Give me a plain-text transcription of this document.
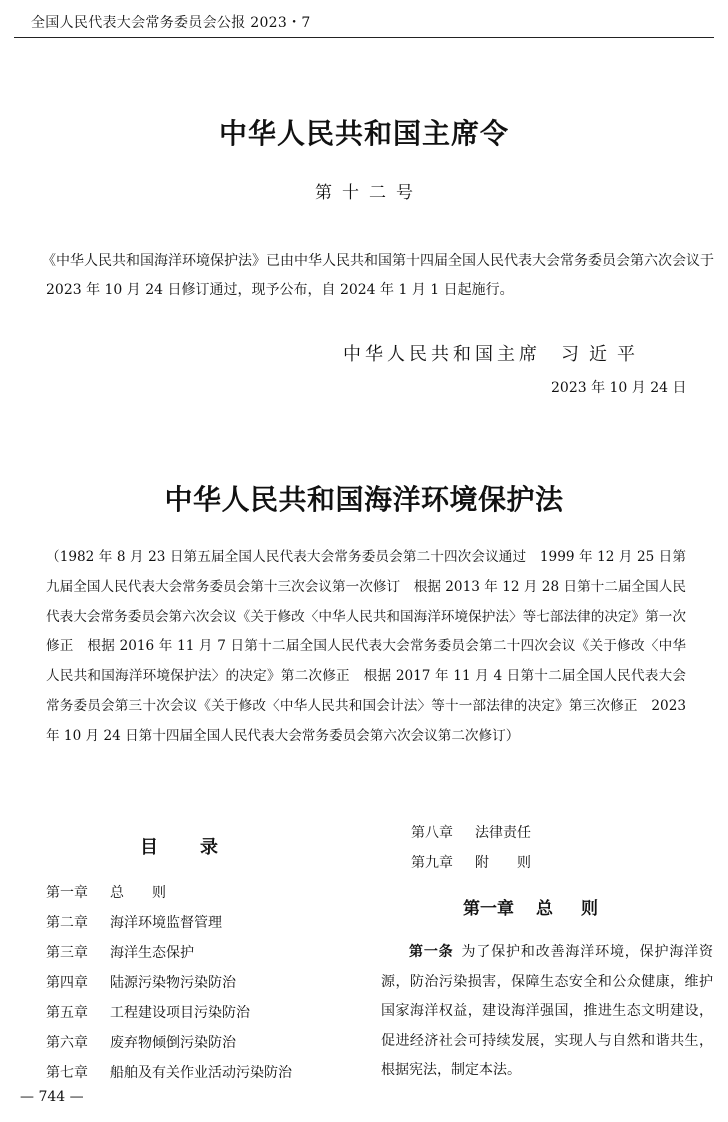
全国人民代表大会常务委员会公报 2023・7
中华人民共和国主席令
第十二号
《中华人民共和国海洋环境保护法》已由中华人民共和国第十四届全国人民代表大会常务委员会第六次会议于 2023 年 10 月 24 日修订通过，现予公布，自 2024 年 1 月 1 日起施行。
中华人民共和国主席 习近平
2023 年 10 月 24 日
中华人民共和国海洋环境保护法
（1982 年 8 月 23 日第五届全国人民代表大会常务委员会第二十四次会议通过　1999 年 12 月 25 日第九届全国人民代表大会常务委员会第十三次会议第一次修订　根据 2013 年 12 月 28 日第十二届全国人民代表大会常务委员会第六次会议《关于修改〈中华人民共和国海洋环境保护法〉等七部法律的决定》第一次修正　根据 2016 年 11 月 7 日第十二届全国人民代表大会常务委员会第二十四次会议《关于修改〈中华人民共和国海洋环境保护法〉的决定》第二次修正　根据 2017 年 11 月 4 日第十二届全国人民代表大会常务委员会第三十次会议《关于修改〈中华人民共和国会计法〉等十一部法律的决定》第三次修正　2023 年 10 月 24 日第十四届全国人民代表大会常务委员会第六次会议第二次修订）
目录
第一章 总　　则
第二章 海洋环境监督管理
第三章 海洋生态保护
第四章 陆源污染物污染防治
第五章 工程建设项目污染防治
第六章 废弃物倾倒污染防治
第七章 船舶及有关作业活动污染防治
第八章 法律责任
第九章 附　　则
第一章 总则
第一条 为了保护和改善海洋环境，保护海洋资源，防治污染损害，保障生态安全和公众健康，维护国家海洋权益，建设海洋强国，推进生态文明建设，促进经济社会可持续发展，实现人与自然和谐共生，根据宪法，制定本法。
— 744 —
